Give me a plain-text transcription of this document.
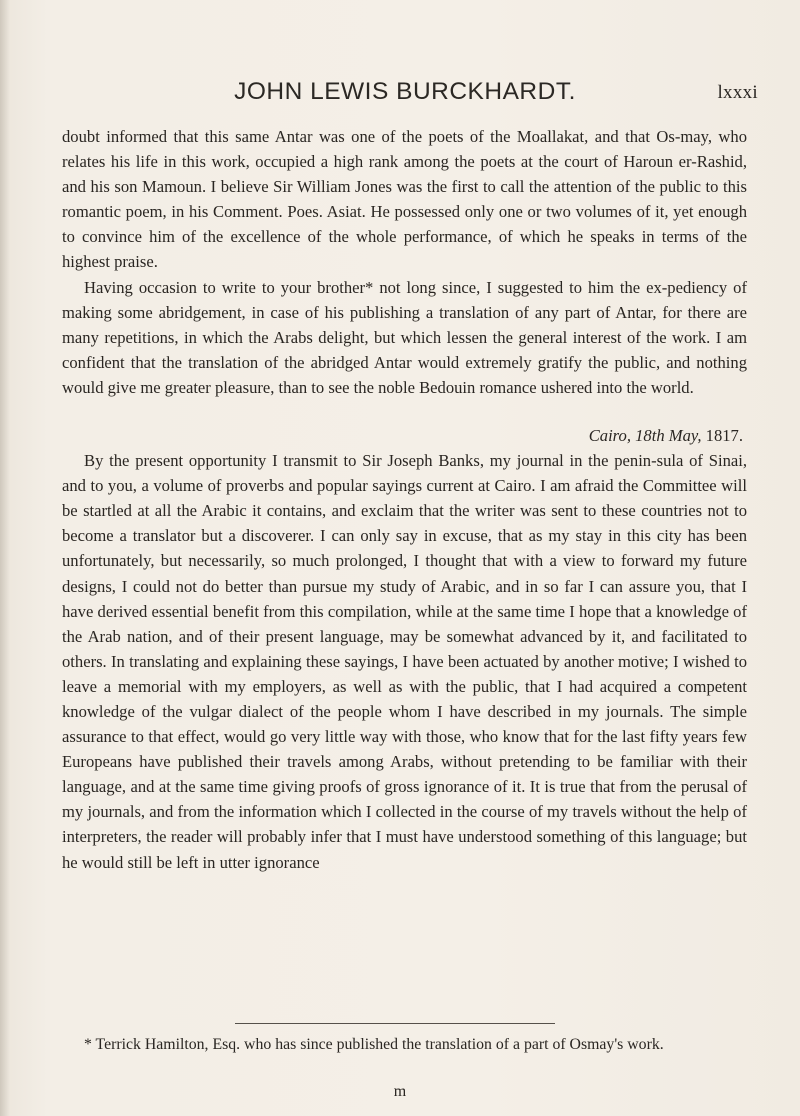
JOHN LEWIS BURCKHARDT.	lxxxi

doubt informed that this same Antar was one of the poets of the Moallakat, and that Os-may, who relates his life in this work, occupied a high rank among the poets at the court of Haroun er-Rashid, and his son Mamoun. I believe Sir William Jones was the first to call the attention of the public to this romantic poem, in his Comment. Poes. Asiat. He possessed only one or two volumes of it, yet enough to convince him of the excellence of the whole performance, of which he speaks in terms of the highest praise.

Having occasion to write to your brother* not long since, I suggested to him the ex-pediency of making some abridgement, in case of his publishing a translation of any part of Antar, for there are many repetitions, in which the Arabs delight, but which lessen the general interest of the work. I am confident that the translation of the abridged Antar would extremely gratify the public, and nothing would give me greater pleasure, than to see the noble Bedouin romance ushered into the world.

Cairo, 18th May, 1817.

By the present opportunity I transmit to Sir Joseph Banks, my journal in the penin-sula of Sinai, and to you, a volume of proverbs and popular sayings current at Cairo. I am afraid the Committee will be startled at all the Arabic it contains, and exclaim that the writer was sent to these countries not to become a translator but a discoverer. I can only say in excuse, that as my stay in this city has been unfortunately, but necessarily, so much prolonged, I thought that with a view to forward my future designs, I could not do better than pursue my study of Arabic, and in so far I can assure you, that I have derived essential benefit from this compilation, while at the same time I hope that a knowledge of the Arab nation, and of their present language, may be somewhat advanced by it, and facilitated to others. In translating and explaining these sayings, I have been actuated by another motive; I wished to leave a memorial with my employers, as well as with the public, that I had acquired a competent knowledge of the vulgar dialect of the people whom I have described in my journals. The simple assurance to that effect, would go very little way with those, who know that for the last fifty years few Europeans have published their travels among Arabs, without pretending to be familiar with their language, and at the same time giving proofs of gross ignorance of it. It is true that from the perusal of my journals, and from the information which I collected in the course of my travels without the help of interpreters, the reader will probably infer that I must have understood something of this language; but he would still be left in utter ignorance

* Terrick Hamilton, Esq. who has since published the translation of a part of Osmay's work.
m
